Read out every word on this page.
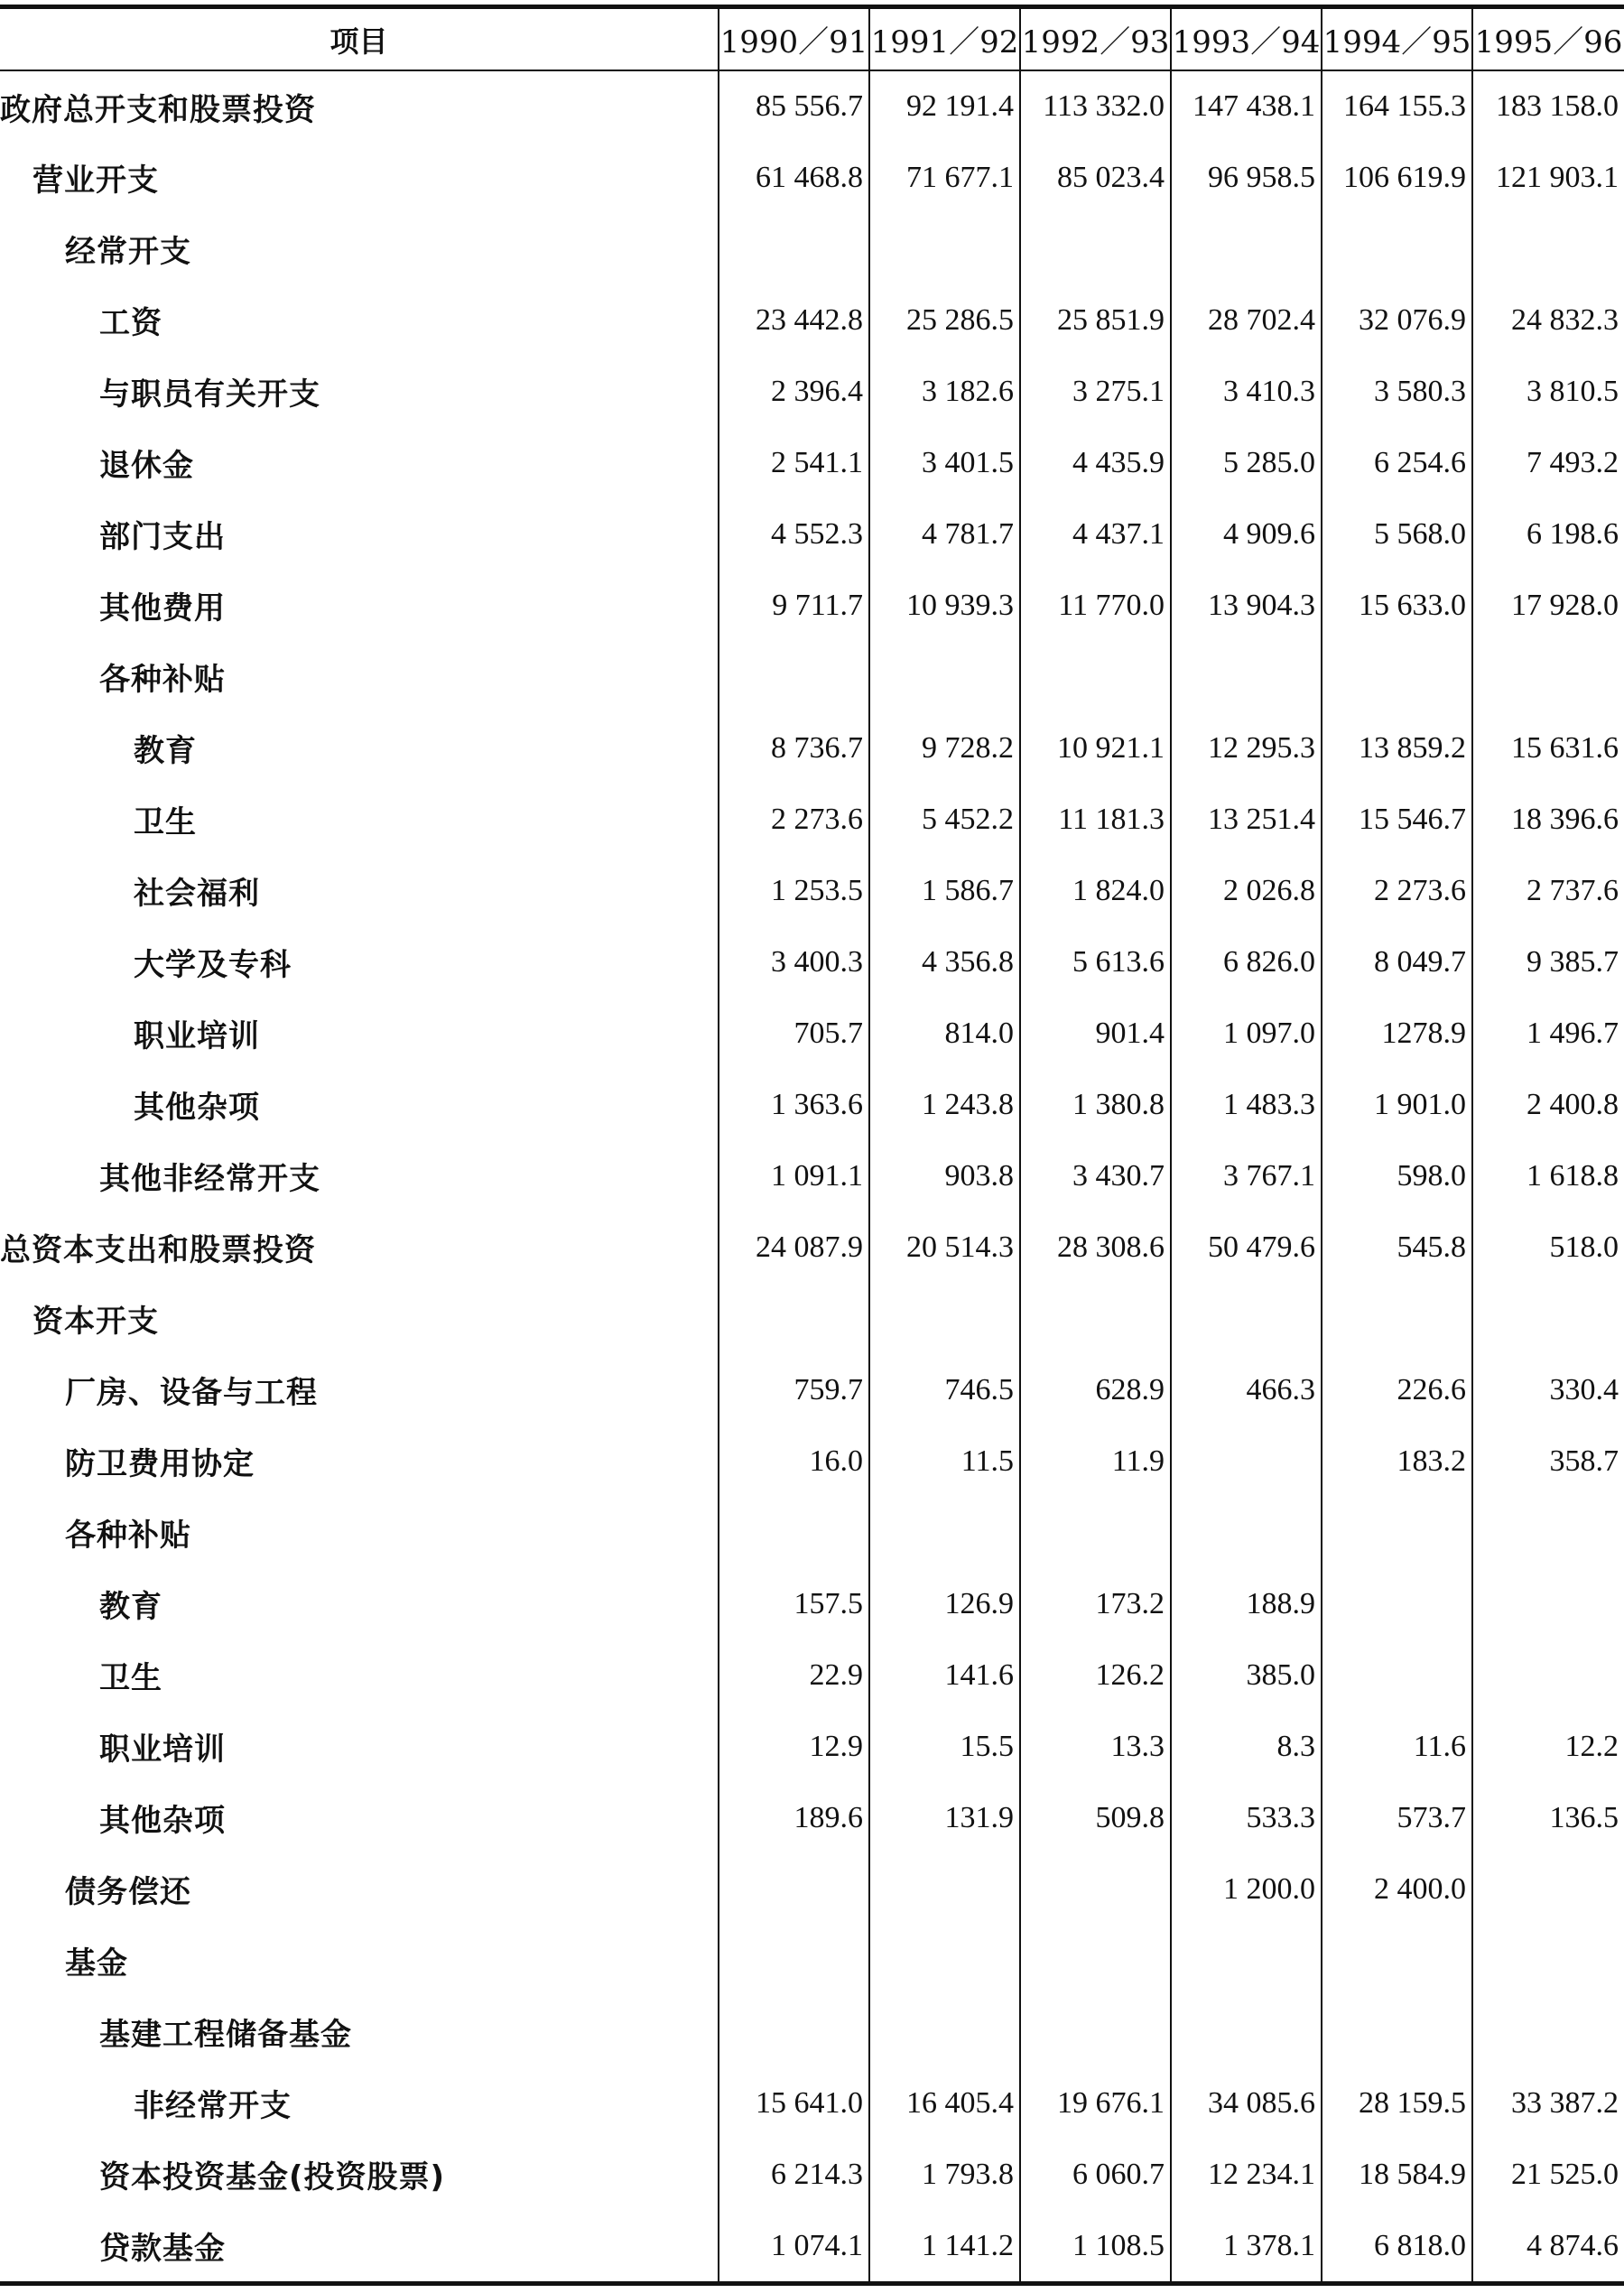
项目	1990／91	1991／92	1992／93	1993／94	1994／95	1995／96
政府总开支和股票投资	85 556.7	92 191.4	113 332.0	147 438.1	164 155.3	183 158.0
营业开支	61 468.8	71 677.1	85 023.4	96 958.5	106 619.9	121 903.1
经常开支						
工资	23 442.8	25 286.5	25 851.9	28 702.4	32 076.9	24 832.3
与职员有关开支	2 396.4	3 182.6	3 275.1	3 410.3	3 580.3	3 810.5
退休金	2 541.1	3 401.5	4 435.9	5 285.0	6 254.6	7 493.2
部门支出	4 552.3	4 781.7	4 437.1	4 909.6	5 568.0	6 198.6
其他费用	9 711.7	10 939.3	11 770.0	13 904.3	15 633.0	17 928.0
各种补贴						
教育	8 736.7	9 728.2	10 921.1	12 295.3	13 859.2	15 631.6
卫生	2 273.6	5 452.2	11 181.3	13 251.4	15 546.7	18 396.6
社会福利	1 253.5	1 586.7	1 824.0	2 026.8	2 273.6	2 737.6
大学及专科	3 400.3	4 356.8	5 613.6	6 826.0	8 049.7	9 385.7
职业培训	705.7	814.0	901.4	1 097.0	1278.9	1 496.7
其他杂项	1 363.6	1 243.8	1 380.8	1 483.3	1 901.0	2 400.8
其他非经常开支	1 091.1	903.8	3 430.7	3 767.1	598.0	1 618.8
总资本支出和股票投资	24 087.9	20 514.3	28 308.6	50 479.6	545.8	518.0
资本开支						
厂房、设备与工程	759.7	746.5	628.9	466.3	226.6	330.4
防卫费用协定	16.0	11.5	11.9		183.2	358.7
各种补贴						
教育	157.5	126.9	173.2	188.9		
卫生	22.9	141.6	126.2	385.0		
职业培训	12.9	15.5	13.3	8.3	11.6	12.2
其他杂项	189.6	131.9	509.8	533.3	573.7	136.5
债务偿还				1 200.0	2 400.0	
基金						
基建工程储备基金						
非经常开支	15 641.0	16 405.4	19 676.1	34 085.6	28 159.5	33 387.2
资本投资基金(投资股票)	6 214.3	1 793.8	6 060.7	12 234.1	18 584.9	21 525.0
贷款基金	1 074.1	1 141.2	1 108.5	1 378.1	6 818.0	4 874.6
